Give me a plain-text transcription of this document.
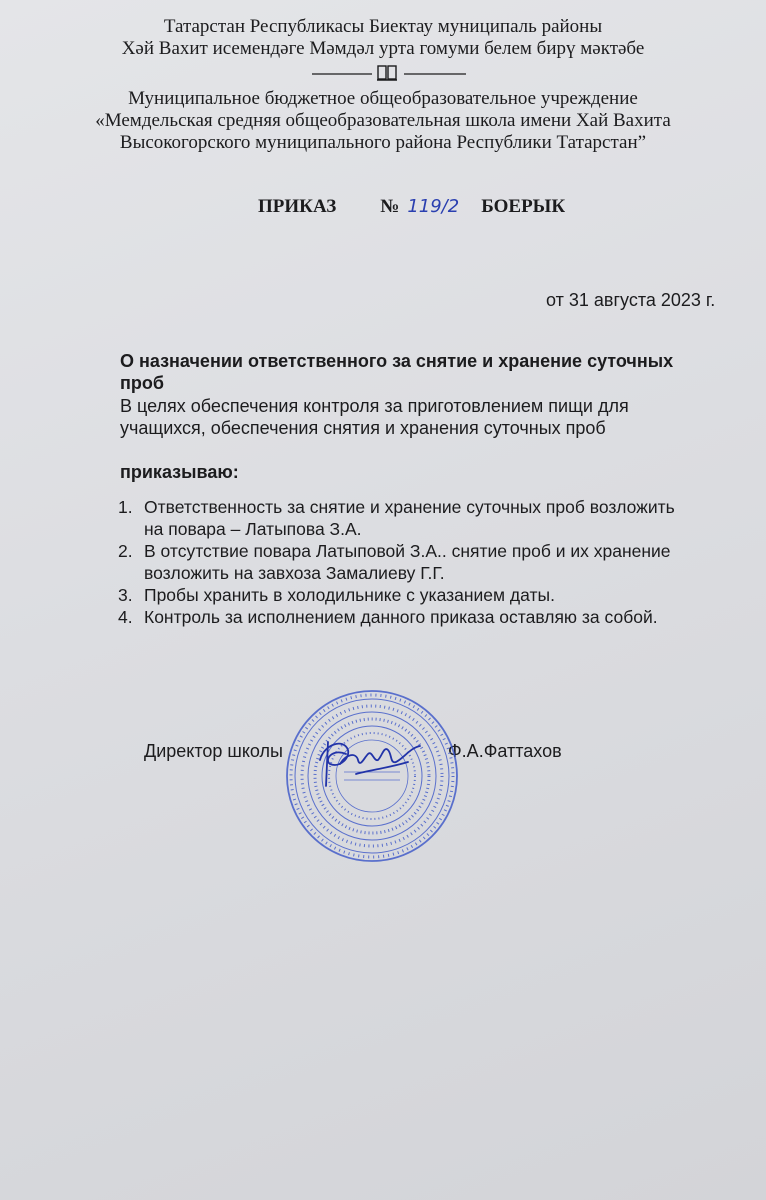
Татарстан Республикасы Биектау муниципаль районы
Хәй Вахит исемендәге Мәмдәл урта гомуми белем бирү мәктәбе
Муниципальное бюджетное общеобразовательное учреждение
«Мемдельская средняя общеобразовательная школа имени Хай Вахита
Высокогорского муниципального района Республики Татарстан”
ПРИКАЗ № 119/2 БОЕРЫК
от 31 августа 2023 г.
О назначении ответственного за снятие и хранение суточных
проб
В целях обеспечения контроля за приготовлением пищи для
учащихся, обеспечения снятия и хранения суточных проб
приказываю:
1. Ответственность за снятие и хранение суточных проб возложить
на повара – Латыпова З.А.
2. В отсутствие повара Латыповой З.А.. снятие проб и их хранение
возложить на завхоза Замалиеву Г.Г.
3. Пробы хранить в холодильнике с указанием даты.
4. Контроль за исполнением данного приказа оставляю за собой.
Директор школы	Ф.А.Фаттахов
